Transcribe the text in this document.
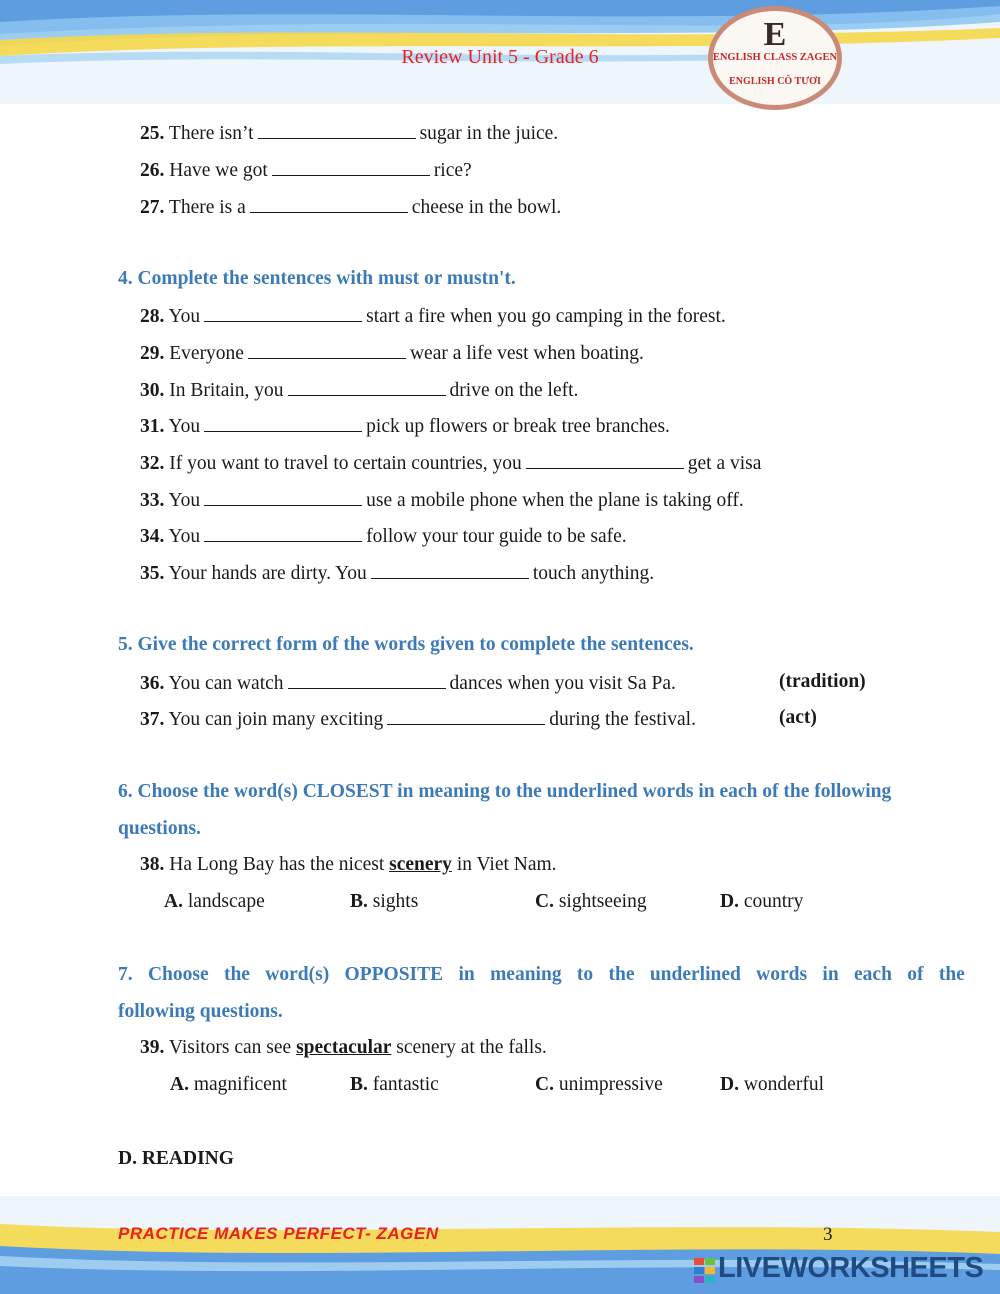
Review Unit 5 - Grade 6
E
ENGLISH CLASS ZAGEN
ENGLISH CÔ TƯƠI
25. There isn’t	sugar in the juice.
26. Have we got	rice?
27. There is a	cheese in the bowl.
4. Complete the sentences with must or mustn't.
28. You	start a fire when you go camping in the forest.
29. Everyone	wear a life vest when boating.
30. In Britain, you	drive on the left.
31. You	pick up flowers or break tree branches.
32. If you want to travel to certain countries, you	get a visa
33. You	use a mobile phone when the plane is taking off.
34. You	follow your tour guide to be safe.
35. Your hands are dirty. You	touch anything.
5. Give the correct form of the words given to complete the sentences.
36. You can watch	dances when you visit Sa Pa.	(tradition)
37. You can join many exciting	during the festival.	(act)
6. Choose the word(s) CLOSEST in meaning to the underlined words in each of the following
questions.
38. Ha Long Bay has the nicest scenery in Viet Nam.
A. landscape	B. sights	C. sightseeing	D. country
7. Choose the word(s) OPPOSITE in meaning to the underlined words in each of the
following questions.
39. Visitors can see spectacular scenery at the falls.
A. magnificent	B. fantastic	C. unimpressive	D. wonderful
D. READING
PRACTICE MAKES PERFECT- ZAGEN	3
LIVEWORKSHEETS
